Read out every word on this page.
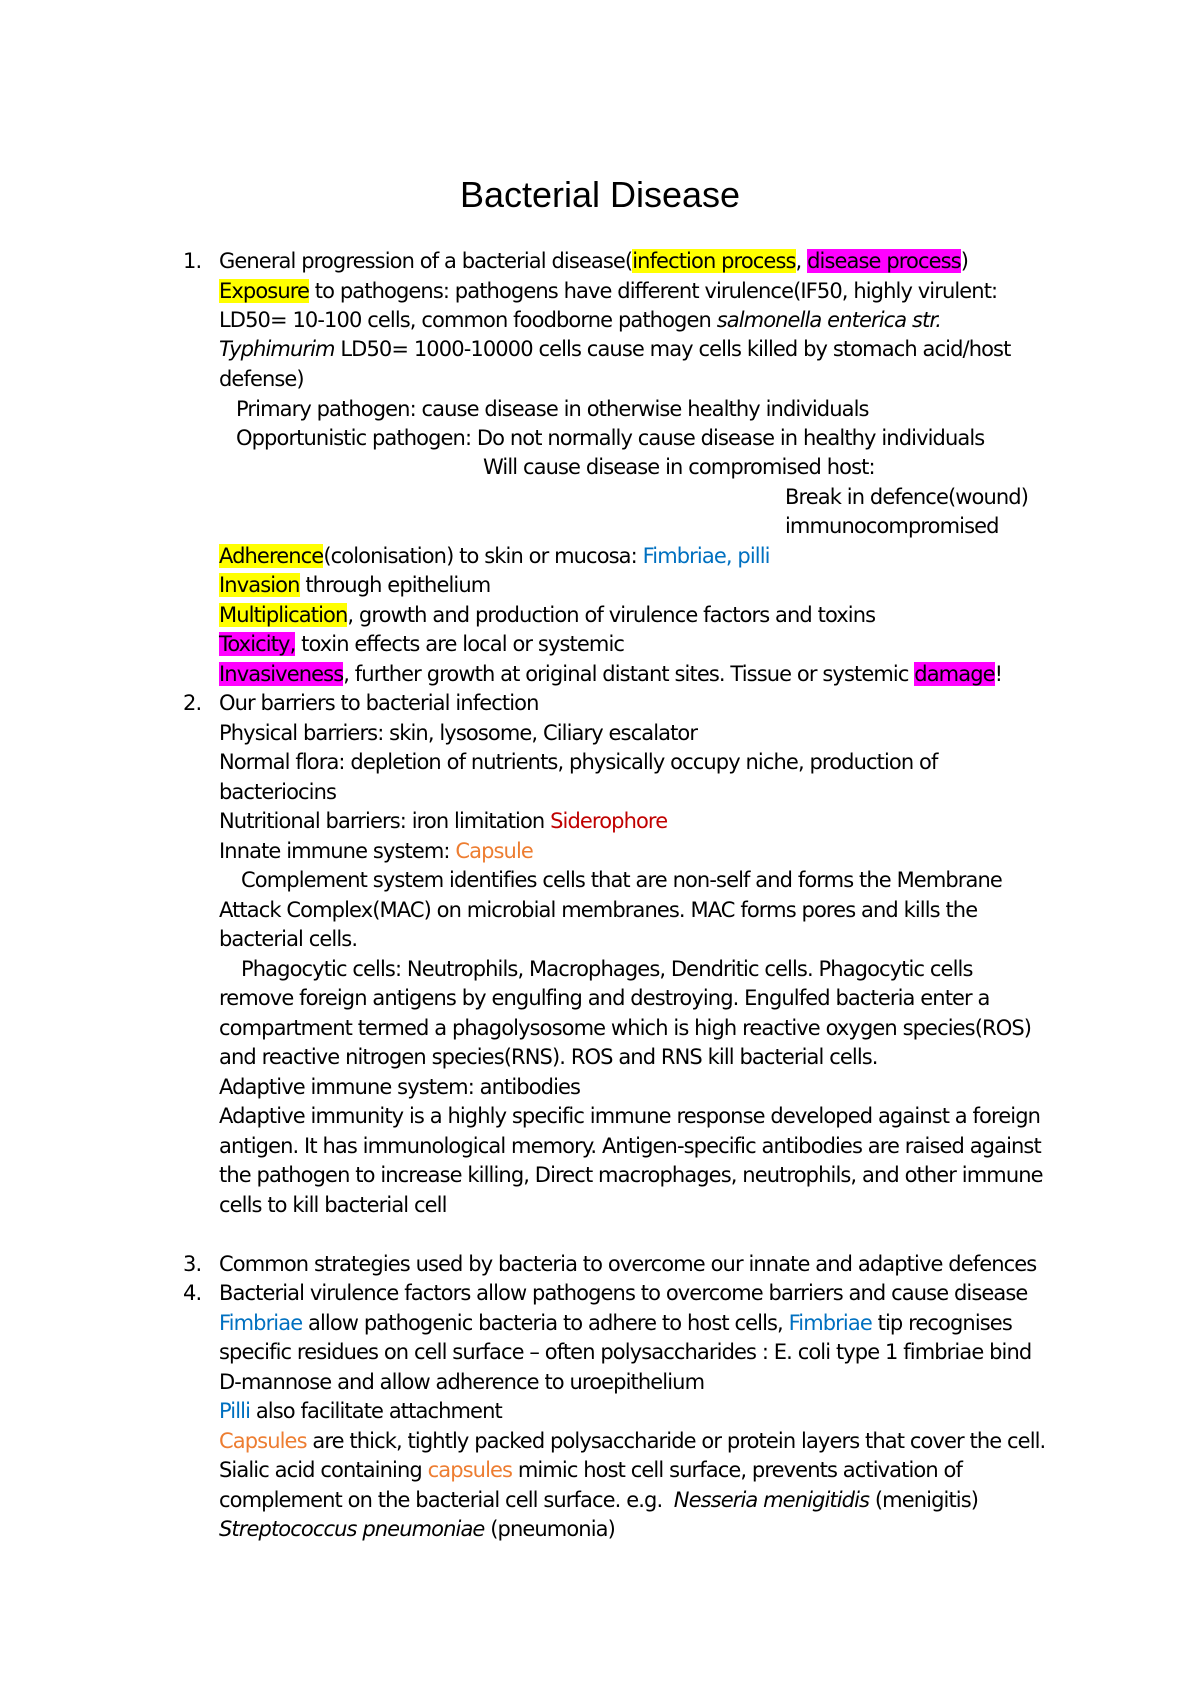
Bacterial Disease
1. General progression of a bacterial disease(infection process, disease process)
Exposure to pathogens: pathogens have different virulence(IF50, highly virulent:
LD50= 10-100 cells, common foodborne pathogen salmonella enterica str.
Typhimurim LD50= 1000-10000 cells cause may cells killed by stomach acid/host
defense)
Primary pathogen: cause disease in otherwise healthy individuals
Opportunistic pathogen: Do not normally cause disease in healthy individuals
Will cause disease in compromised host:
Break in defence(wound)
immunocompromised
Adherence(colonisation) to skin or mucosa: Fimbriae, pilli
Invasion through epithelium
Multiplication, growth and production of virulence factors and toxins
Toxicity, toxin effects are local or systemic
Invasiveness, further growth at original distant sites. Tissue or systemic damage!
2. Our barriers to bacterial infection
Physical barriers: skin, lysosome, Ciliary escalator
Normal flora: depletion of nutrients, physically occupy niche, production of
bacteriocins
Nutritional barriers: iron limitation Siderophore
Innate immune system: Capsule
Complement system identifies cells that are non-self and forms the Membrane
Attack Complex(MAC) on microbial membranes. MAC forms pores and kills the
bacterial cells.
Phagocytic cells: Neutrophils, Macrophages, Dendritic cells. Phagocytic cells
remove foreign antigens by engulfing and destroying. Engulfed bacteria enter a
compartment termed a phagolysosome which is high reactive oxygen species(ROS)
and reactive nitrogen species(RNS). ROS and RNS kill bacterial cells.
Adaptive immune system: antibodies
Adaptive immunity is a highly specific immune response developed against a foreign
antigen. It has immunological memory. Antigen-specific antibodies are raised against
the pathogen to increase killing, Direct macrophages, neutrophils, and other immune
cells to kill bacterial cell
3. Common strategies used by bacteria to overcome our innate and adaptive defences
4. Bacterial virulence factors allow pathogens to overcome barriers and cause disease
Fimbriae allow pathogenic bacteria to adhere to host cells, Fimbriae tip recognises
specific residues on cell surface – often polysaccharides : E. coli type 1 fimbriae bind
D-mannose and allow adherence to uroepithelium
Pilli also facilitate attachment
Capsules are thick, tightly packed polysaccharide or protein layers that cover the cell.
Sialic acid containing capsules mimic host cell surface, prevents activation of
complement on the bacterial cell surface. e.g.  Nesseria menigitidis (menigitis)
Streptococcus pneumoniae (pneumonia)
